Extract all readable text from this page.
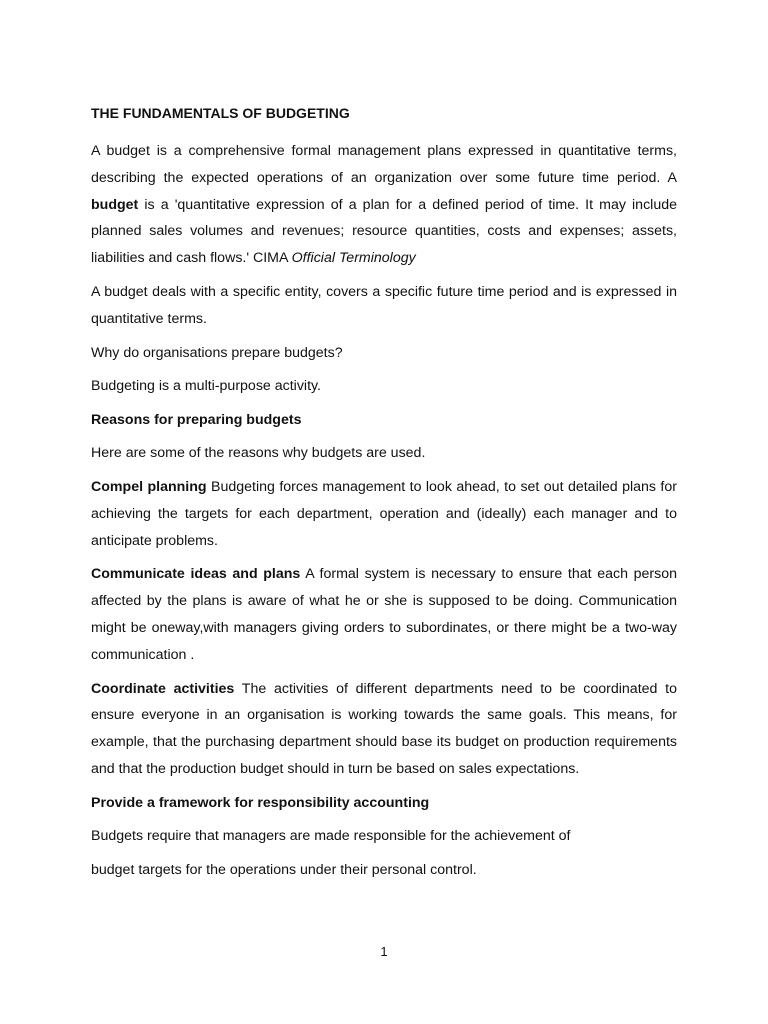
THE FUNDAMENTALS OF BUDGETING

A budget is a comprehensive formal management plans expressed in quantitative terms, describing the expected operations of an organization over some future time period. A budget is a 'quantitative expression of a plan for a defined period of time. It may include planned sales volumes and revenues; resource quantities, costs and expenses; assets, liabilities and cash flows.' CIMA Official Terminology

A budget deals with a specific entity, covers a specific future time period and is expressed in quantitative terms.

Why do organisations prepare budgets?

Budgeting is a multi-purpose activity.

Reasons for preparing budgets

Here are some of the reasons why budgets are used.

Compel planning Budgeting forces management to look ahead, to set out detailed plans for achieving the targets for each department, operation and (ideally) each manager and to anticipate problems.

Communicate ideas and plans A formal system is necessary to ensure that each person affected by the plans is aware of what he or she is supposed to be doing. Communication might be oneway,with managers giving orders to subordinates, or there might be a two-way communication .

Coordinate activities The activities of different departments need to be coordinated to ensure everyone in an organisation is working towards the same goals. This means, for example, that the purchasing department should base its budget on production requirements and that the production budget should in turn be based on sales expectations.

Provide a framework for responsibility accounting

Budgets require that managers are made responsible for the achievement of

budget targets for the operations under their personal control.

1
